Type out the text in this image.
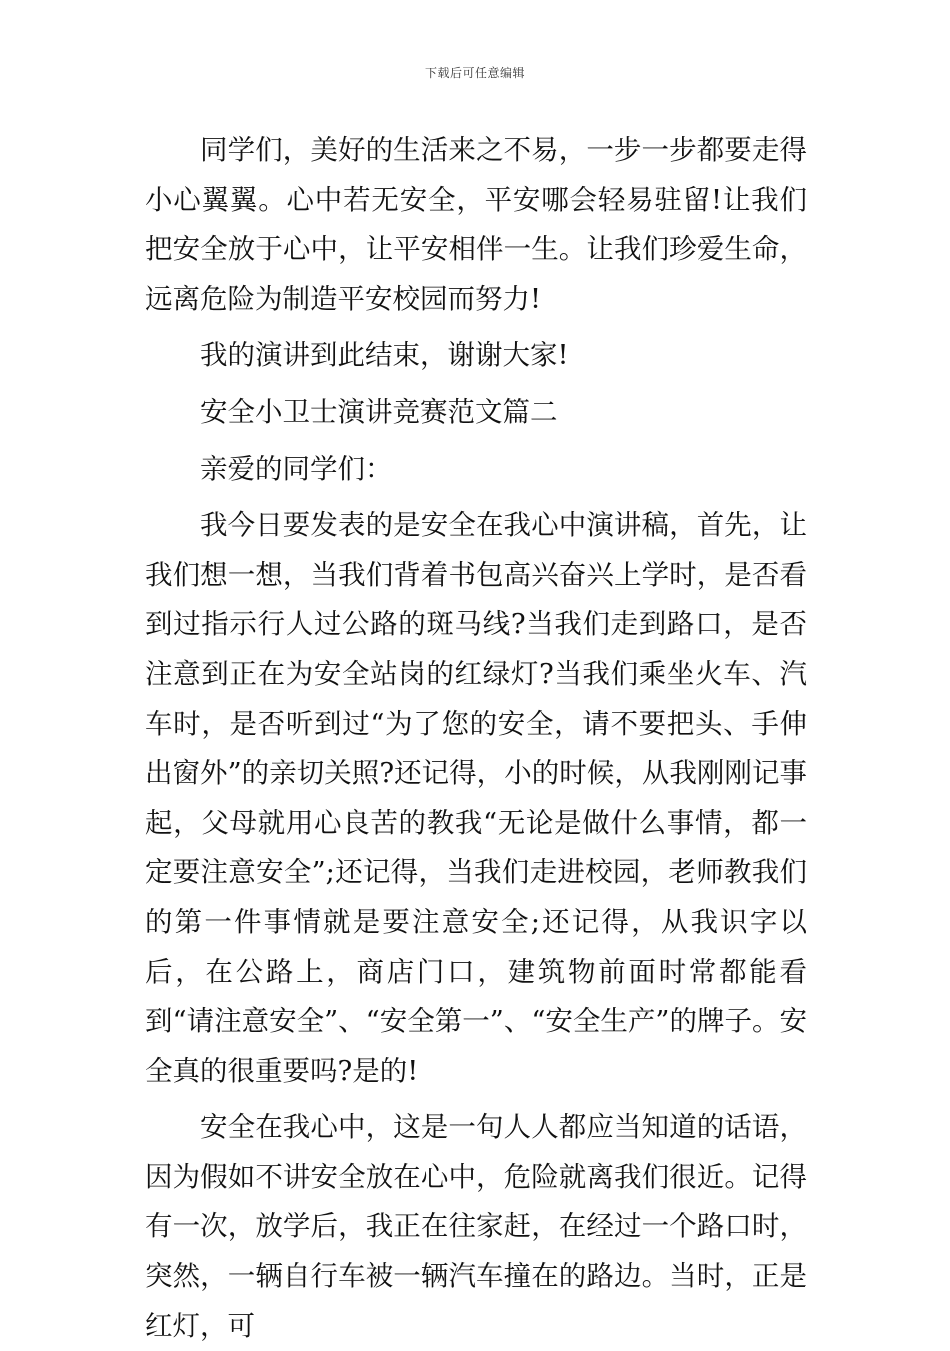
下载后可任意编辑

同学们，美好的生活来之不易，一步一步都要走得小心翼翼。心中若无安全，平安哪会轻易驻留!让我们把安全放于心中，让平安相伴一生。让我们珍爱生命，远离危险为制造平安校园而努力!

我的演讲到此结束，谢谢大家!

安全小卫士演讲竞赛范文篇二

亲爱的同学们：

我今日要发表的是安全在我心中演讲稿，首先，让我们想一想，当我们背着书包高兴奋兴上学时，是否看到过指示行人过公路的斑马线?当我们走到路口，是否注意到正在为安全站岗的红绿灯?当我们乘坐火车、汽车时，是否听到过“为了您的安全，请不要把头、手伸出窗外”的亲切关照?还记得，小的时候，从我刚刚记事起，父母就用心良苦的教我“无论是做什么事情，都一定要注意安全”;还记得，当我们走进校园，老师教我们的第一件事情就是要注意安全;还记得，从我识字以后，在公路上，商店门口，建筑物前面时常都能看到“请注意安全”、“安全第一”、“安全生产”的牌子。安全真的很重要吗?是的!

安全在我心中，这是一句人人都应当知道的话语，因为假如不讲安全放在心中，危险就离我们很近。记得有一次，放学后，我正在往家赶，在经过一个路口时，突然，一辆自行车被一辆汽车撞在的路边。当时，正是红灯，可
